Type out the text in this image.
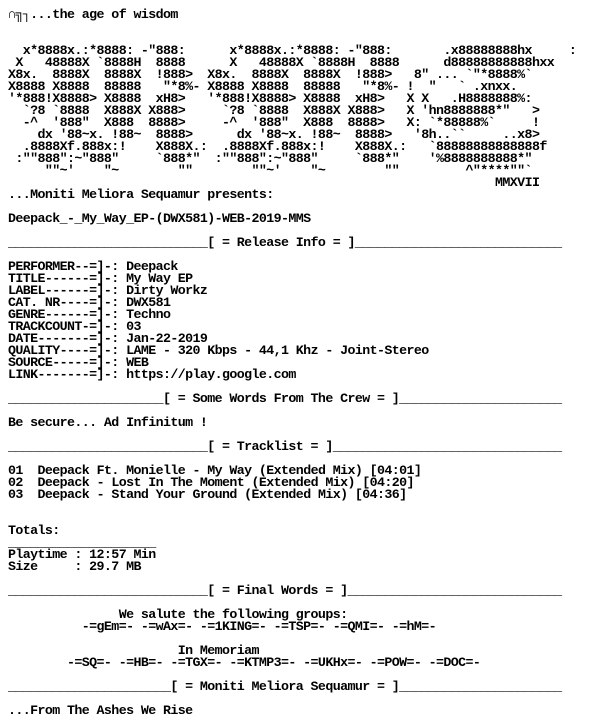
∩╗┐...the age of wisdom

x*8888x.:*8888: -"888:      x*8888x.:*8888: -"888:       .x88888888hx     :
X   48888X `8888H  8888      X   48888X `8888H  8888      d88888888888hxx
X8x.  8888X  8888X  !888>  X8x.  8888X  8888X  !888>   8" ... `"*8888%`
X8888 X8888  88888   "*8%- X8888 X8888  88888   "*8%- !  "   ` .xnxx.
'*888!X8888> X8888  xH8>   '*888!X8888> X8888  xH8>   X X   .H8888888%:
`?8 `8888  X888X X888>     `?8 `8888  X888X X888>   X 'hn8888888*"   >
-^  '888"  X888  8888>     -^  '888"  X888  8888>   X: `*88888%`     !
dx '88~x. !88~  8888>      dx '88~x. !88~  8888>   '8h..``     ..x8>
.8888Xf.888x:!    X888X.:  .8888Xf.888x:!    X888X.:   `88888888888888f
:""888":~"888"     `888*"  :""888":~"888"     `888*"    '%8888888888*"
""~'    "~        ""        ""~'    "~        ""         ^"****""`
MMXVII
...Moniti Meliora Sequamur presents:

Deepack_-_My_Way_EP-(DWX581)-WEB-2019-MMS

___________________________[ = Release Info = ]____________________________

PERFORMER--=]-: Deepack
TITLE------=]-: My Way EP
LABEL------=]-: Dirty Workz
CAT. NR----=]-: DWX581
GENRE------=]-: Techno
TRACKCOUNT-=]-: 03
DATE-------=]-: Jan-22-2019
QUALITY----=]-: LAME - 320 Kbps - 44,1 Khz - Joint-Stereo
SOURCE-----=]-: WEB
LINK-------=]-: https://play.google.com

_____________________[ = Some Words From The Crew = ]______________________

Be secure... Ad Infinitum !

___________________________[ = Tracklist = ]_______________________________

01 Deepack Ft. Monielle - My Way (Extended Mix) [04:01]
02 Deepack - Lost In The Moment (Extended Mix) [04:20]
03 Deepack - Stand Your Ground (Extended Mix) [04:36]

Totals:
____________________
Playtime : 12:57 Min
Size     : 29.7 MB

___________________________[ = Final Words = ]_____________________________

We salute the following groups:
-=gEm=- -=wAx=- -=1KING=- -=TSP=- -=QMI=- -=hM=-

In Memoriam
-=SQ=- -=HB=- -=TGX=- -=KTMP3=- -=UKHx=- -=POW=- -=DOC=-

______________________[ = Moniti Meliora Sequamur = ]______________________

...From The Ashes We Rise
